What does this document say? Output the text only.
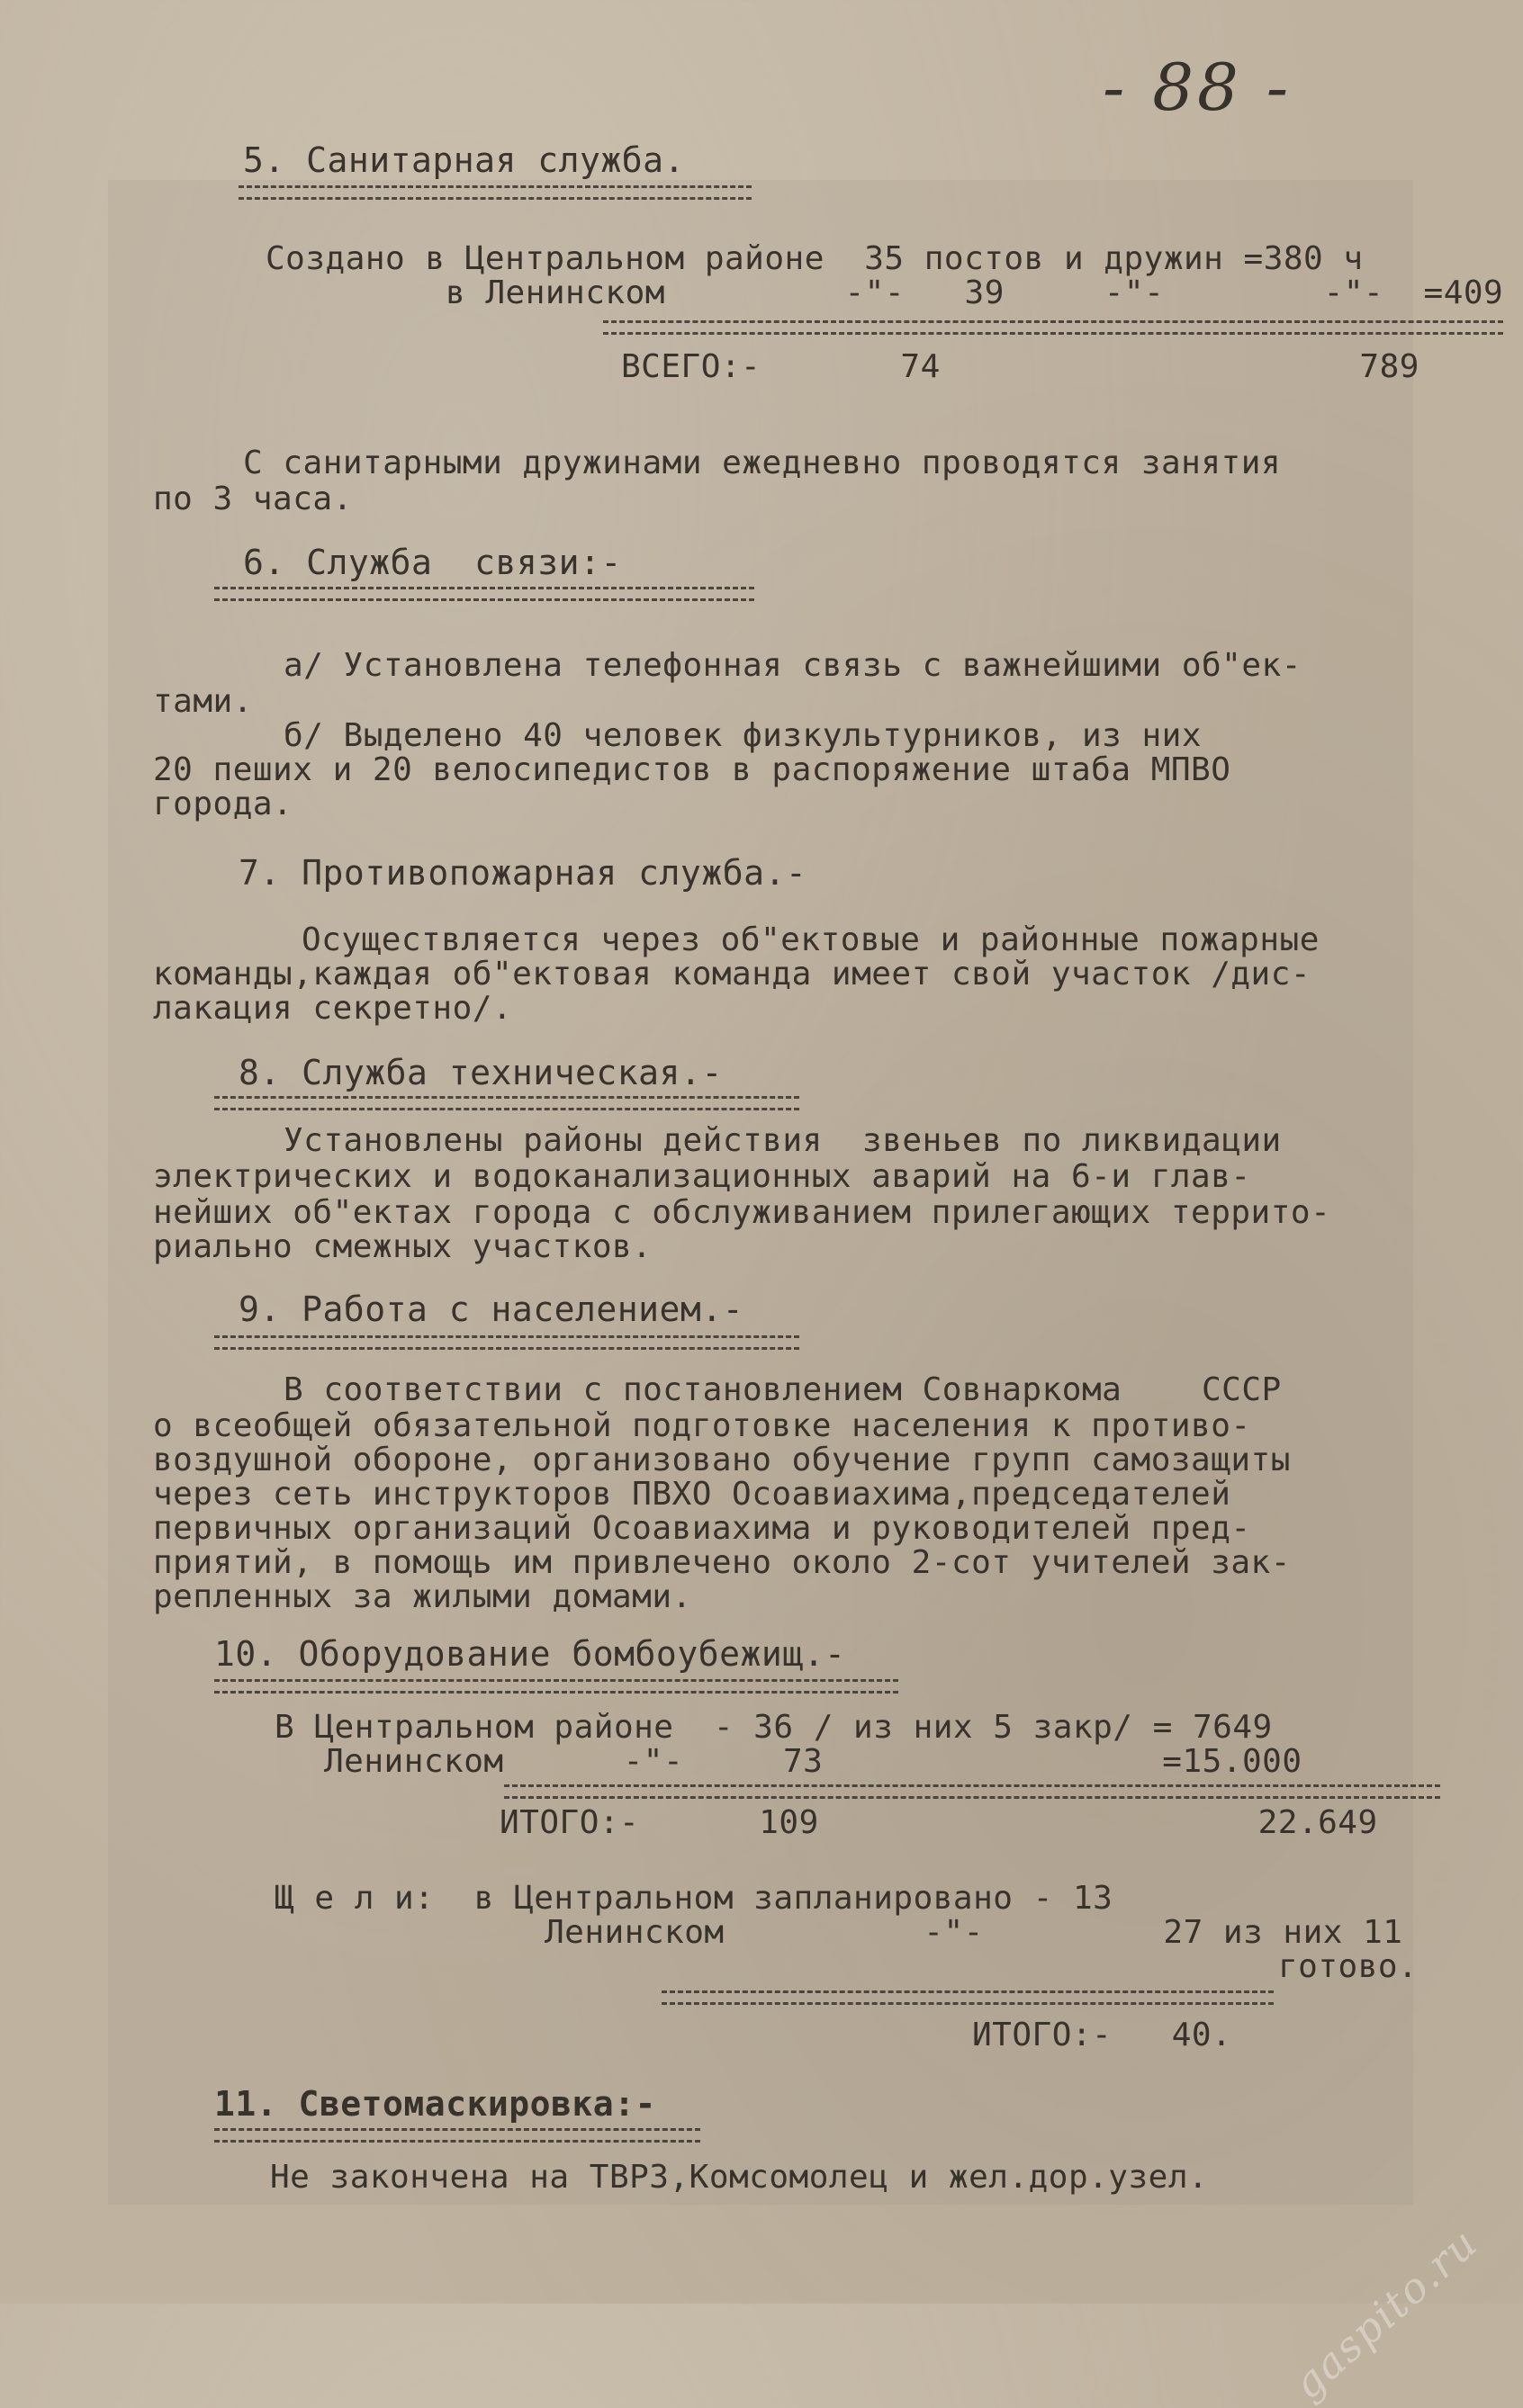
- 88 -
5. Санитарная служба.
Создано в Центральном районе  35 постов и дружин =380 ч
в Ленинском         -"-   39     -"-        -"-  =409
ВСЕГО:-       74                     789
С санитарными дружинами ежедневно проводятся занятия
по 3 часа.
6. Служба  связи:-
а/ Установлена телефонная связь с важнейшими об"ек-
тами.
б/ Выделено 40 человек физкультурников, из них
20 пеших и 20 велосипедистов в распоряжение штаба МПВО
города.
7. Противопожарная служба.-
Осуществляется через об"ектовые и районные пожарные
команды,каждая об"ектовая команда имеет свой участок /дис-
лакация секретно/.
8. Служба техническая.-
Установлены районы действия  звеньев по ликвидации
электрических и водоканализационных аварий на 6-и глав-
нейших об"ектах города с обслуживанием прилегающих террито-
риально смежных участков.
9. Работа с населением.-
В соответствии с постановлением Совнаркома    СССР
о всеобщей обязательной подготовке населения к противо-
воздушной обороне, организовано обучение групп самозащиты
через сеть инструкторов ПВХО Осоавиахима,председателей
первичных организаций Осоавиахима и руководителей пред-
приятий, в помощь им привлечено около 2-сот учителей зак-
репленных за жилыми домами.
10. Оборудование бомбоубежищ.-
В Центральном районе  - 36 / из них 5 закр/ = 7649
Ленинском      -"-     73                 =15.000
ИТОГО:-      109                      22.649
Щ е л и:  в Центральном запланировано - 13
Ленинском          -"-         27 из них 11
готово.
ИТОГО:-   40.
11. Светомаскировка:-
Не закончена на ТВРЗ,Комсомолец и жел.дор.узел.
gaspito.ru
